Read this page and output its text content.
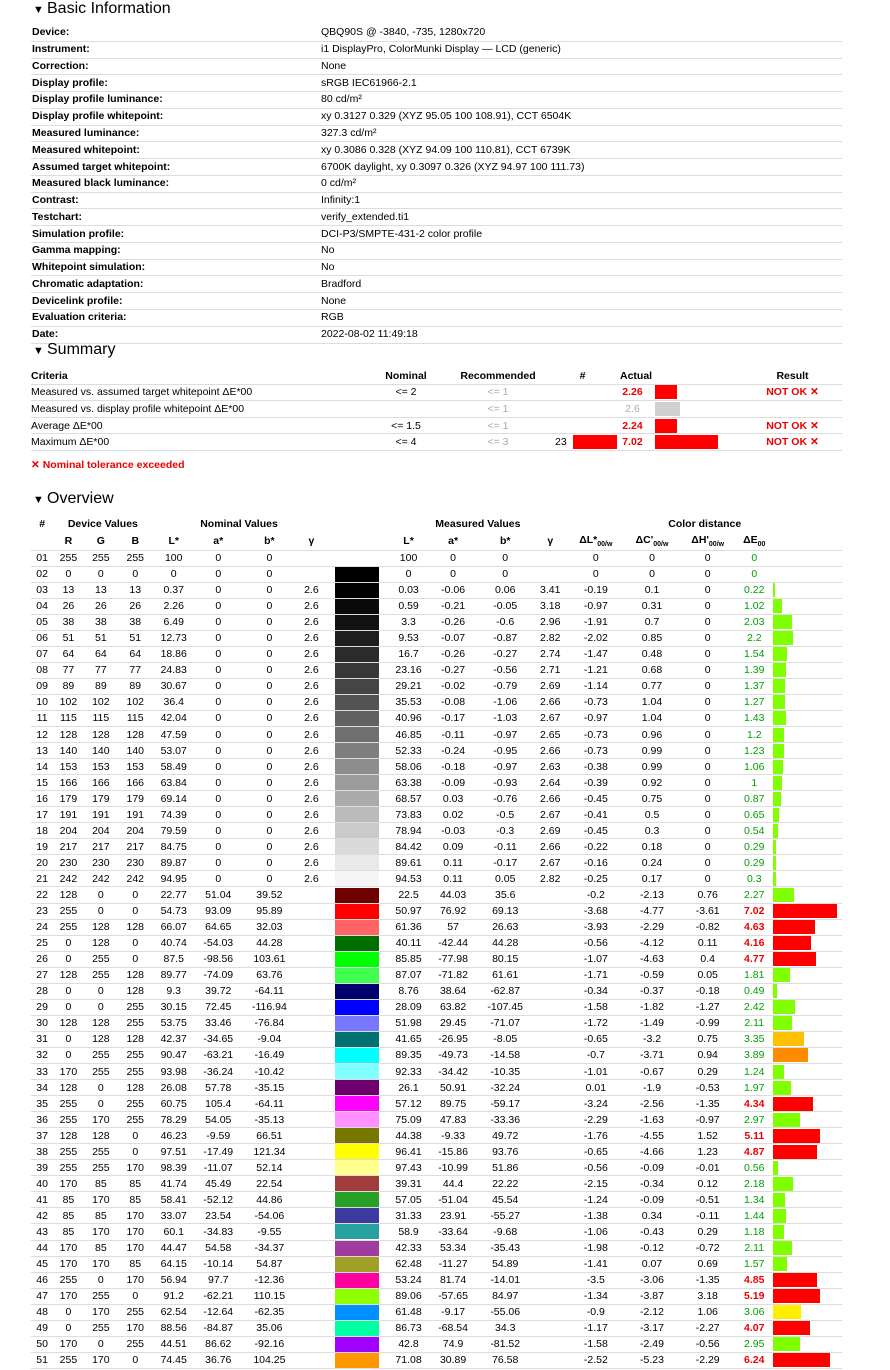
▼ Basic Information
Device:	QBQ90S @ -3840, -735, 1280x720
Instrument:	i1 DisplayPro, ColorMunki Display — LCD (generic)
Correction:	None
Display profile:	sRGB IEC61966-2.1
Display profile luminance:	80 cd/m²
Display profile whitepoint:	xy 0.3127 0.329 (XYZ 95.05 100 108.91), CCT 6504K
Measured luminance:	327.3 cd/m²
Measured whitepoint:	xy 0.3086 0.328 (XYZ 94.09 100 110.81), CCT 6739K
Assumed target whitepoint:	6700K daylight, xy 0.3097 0.326 (XYZ 94.97 100 111.73)
Measured black luminance:	0 cd/m²
Contrast:	Infinity:1
Testchart:	verify_extended.ti1
Simulation profile:	DCI-P3/SMPTE-431-2 color profile
Gamma mapping:	No
Whitepoint simulation:	No
Chromatic adaptation:	Bradford
Devicelink profile:	None
Evaluation criteria:	RGB
Date:	2022-08-02 11:49:18
▼ Summary
Criteria	Nominal	Recommended	#	Actual		Result
Measured vs. assumed target whitepoint ΔE*00	<= 2	<= 1		2.26		NOT OK ✕
Measured vs. display profile whitepoint ΔE*00		<= 1		2.6		
Average ΔE*00	<= 1.5	<= 1		2.24		NOT OK ✕
Maximum ΔE*00	<= 4	<= 3	23	7.02		NOT OK ✕
✕ Nominal tolerance exceeded
▼ Overview
#	Device Values			Nominal Values					Measured Values				Color distance				
	R	G	B	L*	a*	b*	γ		L*	a*	b*	γ	$\Delta L*_{00/w}$	$\Delta C'_{00/w}$	$\Delta H'_{00/w}$	$\Delta E_{00}$	
01	255	255	255	100	0	0			100	0	0		0	0	0	0	
02	0	0	0	0	0	0			0	0	0		0	0	0	0	
03	13	13	13	0.37	0	0	2.6		0.03	-0.06	0.06	3.41	-0.19	0.1	0	0.22	
04	26	26	26	2.26	0	0	2.6		0.59	-0.21	-0.05	3.18	-0.97	0.31	0	1.02	
05	38	38	38	6.49	0	0	2.6		3.3	-0.26	-0.6	2.96	-1.91	0.7	0	2.03	
06	51	51	51	12.73	0	0	2.6		9.53	-0.07	-0.87	2.82	-2.02	0.85	0	2.2	
07	64	64	64	18.86	0	0	2.6		16.7	-0.26	-0.27	2.74	-1.47	0.48	0	1.54	
08	77	77	77	24.83	0	0	2.6		23.16	-0.27	-0.56	2.71	-1.21	0.68	0	1.39	
09	89	89	89	30.67	0	0	2.6		29.21	-0.02	-0.79	2.69	-1.14	0.77	0	1.37	
10	102	102	102	36.4	0	0	2.6		35.53	-0.08	-1.06	2.66	-0.73	1.04	0	1.27	
11	115	115	115	42.04	0	0	2.6		40.96	-0.17	-1.03	2.67	-0.97	1.04	0	1.43	
12	128	128	128	47.59	0	0	2.6		46.85	-0.11	-0.97	2.65	-0.73	0.96	0	1.2	
13	140	140	140	53.07	0	0	2.6		52.33	-0.24	-0.95	2.66	-0.73	0.99	0	1.23	
14	153	153	153	58.49	0	0	2.6		58.06	-0.18	-0.97	2.63	-0.38	0.99	0	1.06	
15	166	166	166	63.84	0	0	2.6		63.38	-0.09	-0.93	2.64	-0.39	0.92	0	1	
16	179	179	179	69.14	0	0	2.6		68.57	0.03	-0.76	2.66	-0.45	0.75	0	0.87	
17	191	191	191	74.39	0	0	2.6		73.83	0.02	-0.5	2.67	-0.41	0.5	0	0.65	
18	204	204	204	79.59	0	0	2.6		78.94	-0.03	-0.3	2.69	-0.45	0.3	0	0.54	
19	217	217	217	84.75	0	0	2.6		84.42	0.09	-0.11	2.66	-0.22	0.18	0	0.29	
20	230	230	230	89.87	0	0	2.6		89.61	0.11	-0.17	2.67	-0.16	0.24	0	0.29	
21	242	242	242	94.95	0	0	2.6		94.53	0.11	0.05	2.82	-0.25	0.17	0	0.3	
22	128	0	0	22.77	51.04	39.52			22.5	44.03	35.6		-0.2	-2.13	0.76	2.27	
23	255	0	0	54.73	93.09	95.89			50.97	76.92	69.13		-3.68	-4.77	-3.61	7.02	
24	255	128	128	66.07	64.65	32.03			61.36	57	26.63		-3.93	-2.29	-0.82	4.63	
25	0	128	0	40.74	-54.03	44.28			40.11	-42.44	44.28		-0.56	-4.12	0.11	4.16	
26	0	255	0	87.5	-98.56	103.61			85.85	-77.98	80.15		-1.07	-4.63	0.4	4.77	
27	128	255	128	89.77	-74.09	63.76			87.07	-71.82	61.61		-1.71	-0.59	0.05	1.81	
28	0	0	128	9.3	39.72	-64.11			8.76	38.64	-62.87		-0.34	-0.37	-0.18	0.49	
29	0	0	255	30.15	72.45	-116.94			28.09	63.82	-107.45		-1.58	-1.82	-1.27	2.42	
30	128	128	255	53.75	33.46	-76.84			51.98	29.45	-71.07		-1.72	-1.49	-0.99	2.11	
31	0	128	128	42.37	-34.65	-9.04			41.65	-26.95	-8.05		-0.65	-3.2	0.75	3.35	
32	0	255	255	90.47	-63.21	-16.49			89.35	-49.73	-14.58		-0.7	-3.71	0.94	3.89	
33	170	255	255	93.98	-36.24	-10.42			92.33	-34.42	-10.35		-1.01	-0.67	0.29	1.24	
34	128	0	128	26.08	57.78	-35.15			26.1	50.91	-32.24		0.01	-1.9	-0.53	1.97	
35	255	0	255	60.75	105.4	-64.11			57.12	89.75	-59.17		-3.24	-2.56	-1.35	4.34	
36	255	170	255	78.29	54.05	-35.13			75.09	47.83	-33.36		-2.29	-1.63	-0.97	2.97	
37	128	128	0	46.23	-9.59	66.51			44.38	-9.33	49.72		-1.76	-4.55	1.52	5.11	
38	255	255	0	97.51	-17.49	121.34			96.41	-15.86	93.76		-0.65	-4.66	1.23	4.87	
39	255	255	170	98.39	-11.07	52.14			97.43	-10.99	51.86		-0.56	-0.09	-0.01	0.56	
40	170	85	85	41.74	45.49	22.54			39.31	44.4	22.22		-2.15	-0.34	0.12	2.18	
41	85	170	85	58.41	-52.12	44.86			57.05	-51.04	45.54		-1.24	-0.09	-0.51	1.34	
42	85	85	170	33.07	23.54	-54.06			31.33	23.91	-55.27		-1.38	0.34	-0.11	1.44	
43	85	170	170	60.1	-34.83	-9.55			58.9	-33.64	-9.68		-1.06	-0.43	0.29	1.18	
44	170	85	170	44.47	54.58	-34.37			42.33	53.34	-35.43		-1.98	-0.12	-0.72	2.11	
45	170	170	85	64.15	-10.14	54.87			62.48	-11.27	54.89		-1.41	0.07	0.69	1.57	
46	255	0	170	56.94	97.7	-12.36			53.24	81.74	-14.01		-3.5	-3.06	-1.35	4.85	
47	170	255	0	91.2	-62.21	110.15			89.06	-57.65	84.97		-1.34	-3.87	3.18	5.19	
48	0	170	255	62.54	-12.64	-62.35			61.48	-9.17	-55.06		-0.9	-2.12	1.06	3.06	
49	0	255	170	88.56	-84.87	35.06			86.73	-68.54	34.3		-1.17	-3.17	-2.27	4.07	
50	170	0	255	44.51	86.62	-92.16			42.8	74.9	-81.52		-1.58	-2.49	-0.56	2.95	
51	255	170	0	74.45	36.76	104.25			71.08	30.89	76.58		-2.52	-5.23	-2.29	6.24	
